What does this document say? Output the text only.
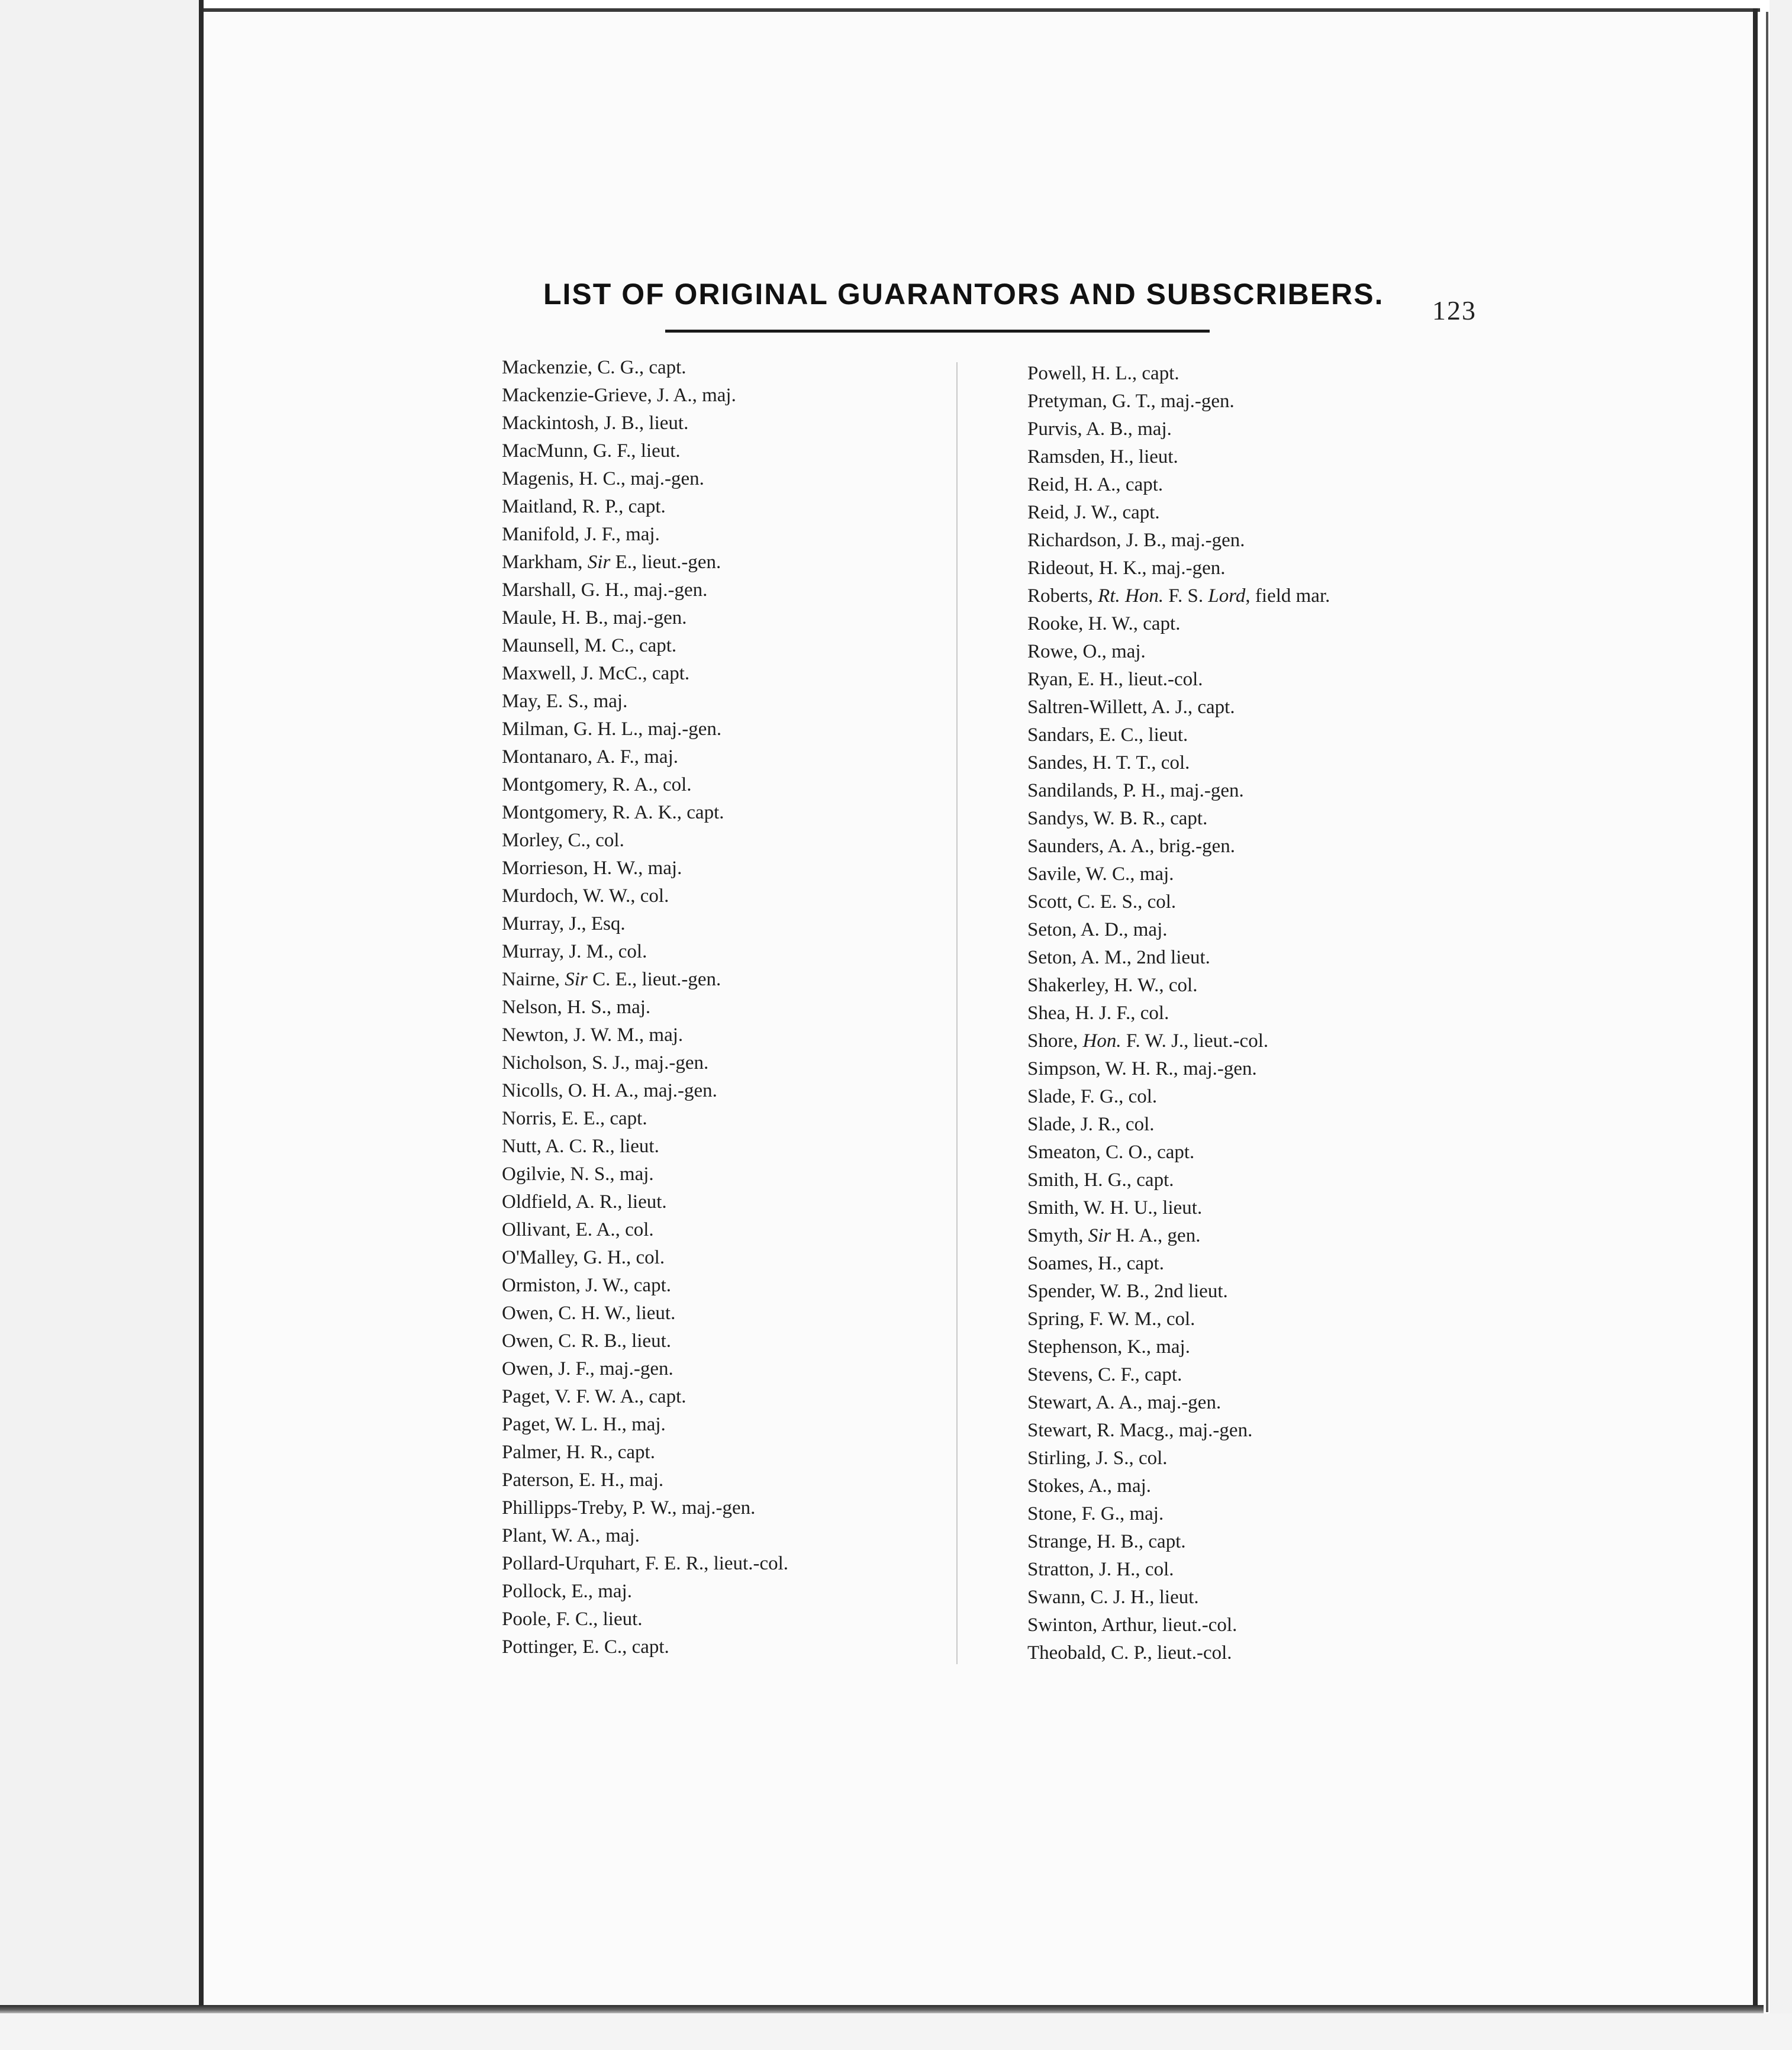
LIST OF ORIGINAL GUARANTORS AND SUBSCRIBERS. 123
Mackenzie, C. G., capt.
Mackenzie-Grieve, J. A., maj.
Mackintosh, J. B., lieut.
MacMunn, G. F., lieut.
Magenis, H. C., maj.-gen.
Maitland, R. P., capt.
Manifold, J. F., maj.
Markham, Sir E., lieut.-gen.
Marshall, G. H., maj.-gen.
Maule, H. B., maj.-gen.
Maunsell, M. C., capt.
Maxwell, J. McC., capt.
May, E. S., maj.
Milman, G. H. L., maj.-gen.
Montanaro, A. F., maj.
Montgomery, R. A., col.
Montgomery, R. A. K., capt.
Morley, C., col.
Morrieson, H. W., maj.
Murdoch, W. W., col.
Murray, J., Esq.
Murray, J. M., col.
Nairne, Sir C. E., lieut.-gen.
Nelson, H. S., maj.
Newton, J. W. M., maj.
Nicholson, S. J., maj.-gen.
Nicolls, O. H. A., maj.-gen.
Norris, E. E., capt.
Nutt, A. C. R., lieut.
Ogilvie, N. S., maj.
Oldfield, A. R., lieut.
Ollivant, E. A., col.
O'Malley, G. H., col.
Ormiston, J. W., capt.
Owen, C. H. W., lieut.
Owen, C. R. B., lieut.
Owen, J. F., maj.-gen.
Paget, V. F. W. A., capt.
Paget, W. L. H., maj.
Palmer, H. R., capt.
Paterson, E. H., maj.
Phillipps-Treby, P. W., maj.-gen.
Plant, W. A., maj.
Pollard-Urquhart, F. E. R., lieut.-col.
Pollock, E., maj.
Poole, F. C., lieut.
Pottinger, E. C., capt.
Powell, H. L., capt.
Pretyman, G. T., maj.-gen.
Purvis, A. B., maj.
Ramsden, H., lieut.
Reid, H. A., capt.
Reid, J. W., capt.
Richardson, J. B., maj.-gen.
Rideout, H. K., maj.-gen.
Roberts, Rt. Hon. F. S. Lord, field mar.
Rooke, H. W., capt.
Rowe, O., maj.
Ryan, E. H., lieut.-col.
Saltren-Willett, A. J., capt.
Sandars, E. C., lieut.
Sandes, H. T. T., col.
Sandilands, P. H., maj.-gen.
Sandys, W. B. R., capt.
Saunders, A. A., brig.-gen.
Savile, W. C., maj.
Scott, C. E. S., col.
Seton, A. D., maj.
Seton, A. M., 2nd lieut.
Shakerley, H. W., col.
Shea, H. J. F., col.
Shore, Hon. F. W. J., lieut.-col.
Simpson, W. H. R., maj.-gen.
Slade, F. G., col.
Slade, J. R., col.
Smeaton, C. O., capt.
Smith, H. G., capt.
Smith, W. H. U., lieut.
Smyth, Sir H. A., gen.
Soames, H., capt.
Spender, W. B., 2nd lieut.
Spring, F. W. M., col.
Stephenson, K., maj.
Stevens, C. F., capt.
Stewart, A. A., maj.-gen.
Stewart, R. Macg., maj.-gen.
Stirling, J. S., col.
Stokes, A., maj.
Stone, F. G., maj.
Strange, H. B., capt.
Stratton, J. H., col.
Swann, C. J. H., lieut.
Swinton, Arthur, lieut.-col.
Theobald, C. P., lieut.-col.
